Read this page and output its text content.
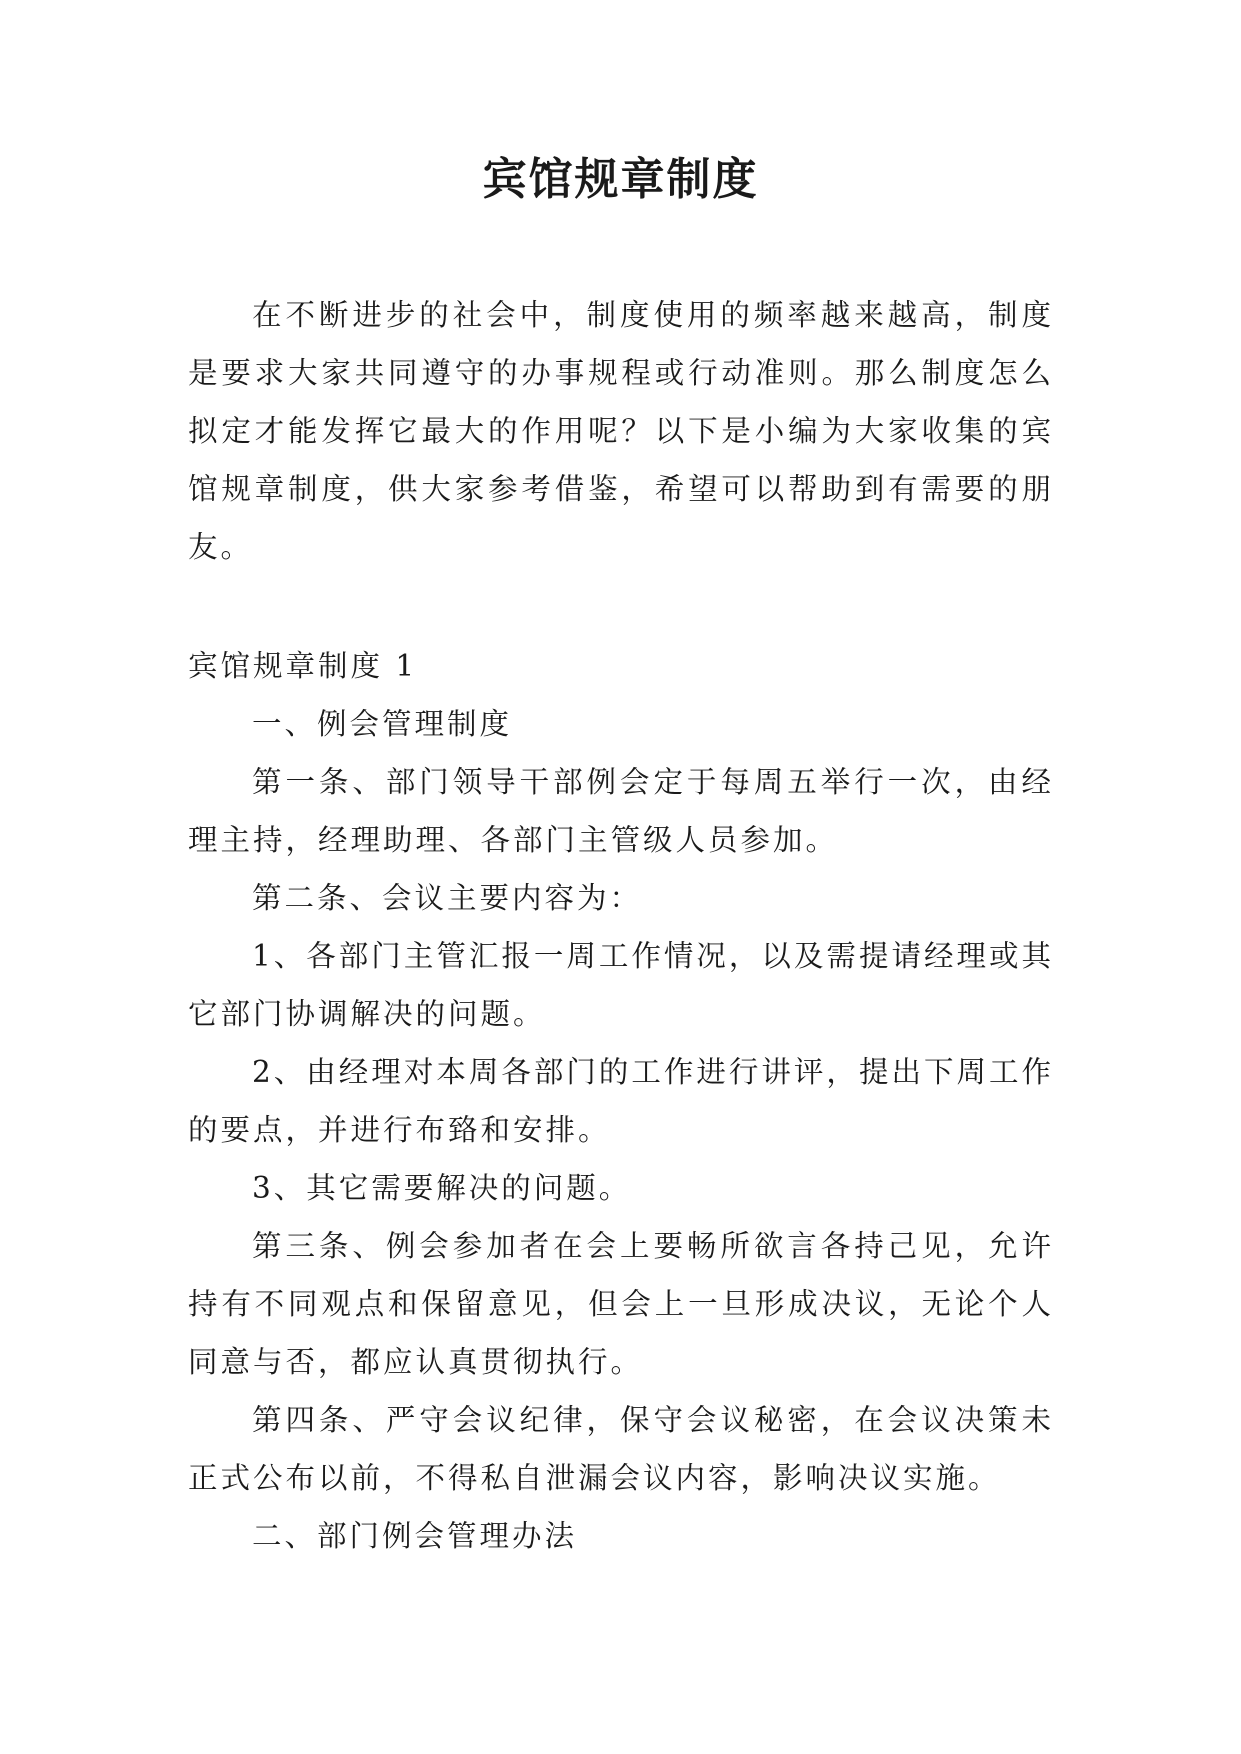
宾馆规章制度

在不断进步的社会中，制度使用的频率越来越高，制度是要求大家共同遵守的办事规程或行动准则。那么制度怎么拟定才能发挥它最大的作用呢？以下是小编为大家收集的宾馆规章制度，供大家参考借鉴，希望可以帮助到有需要的朋友。

宾馆规章制度 1

一、例会管理制度

第一条、部门领导干部例会定于每周五举行一次，由经理主持，经理助理、各部门主管级人员参加。

第二条、会议主要内容为：

1、各部门主管汇报一周工作情况，以及需提请经理或其它部门协调解决的问题。

2、由经理对本周各部门的工作进行讲评，提出下周工作的要点，并进行布臵和安排。

3、其它需要解决的问题。

第三条、例会参加者在会上要畅所欲言各持己见，允许持有不同观点和保留意见，但会上一旦形成决议，无论个人同意与否，都应认真贯彻执行。

第四条、严守会议纪律，保守会议秘密，在会议决策未正式公布以前，不得私自泄漏会议内容，影响决议实施。

二、部门例会管理办法
